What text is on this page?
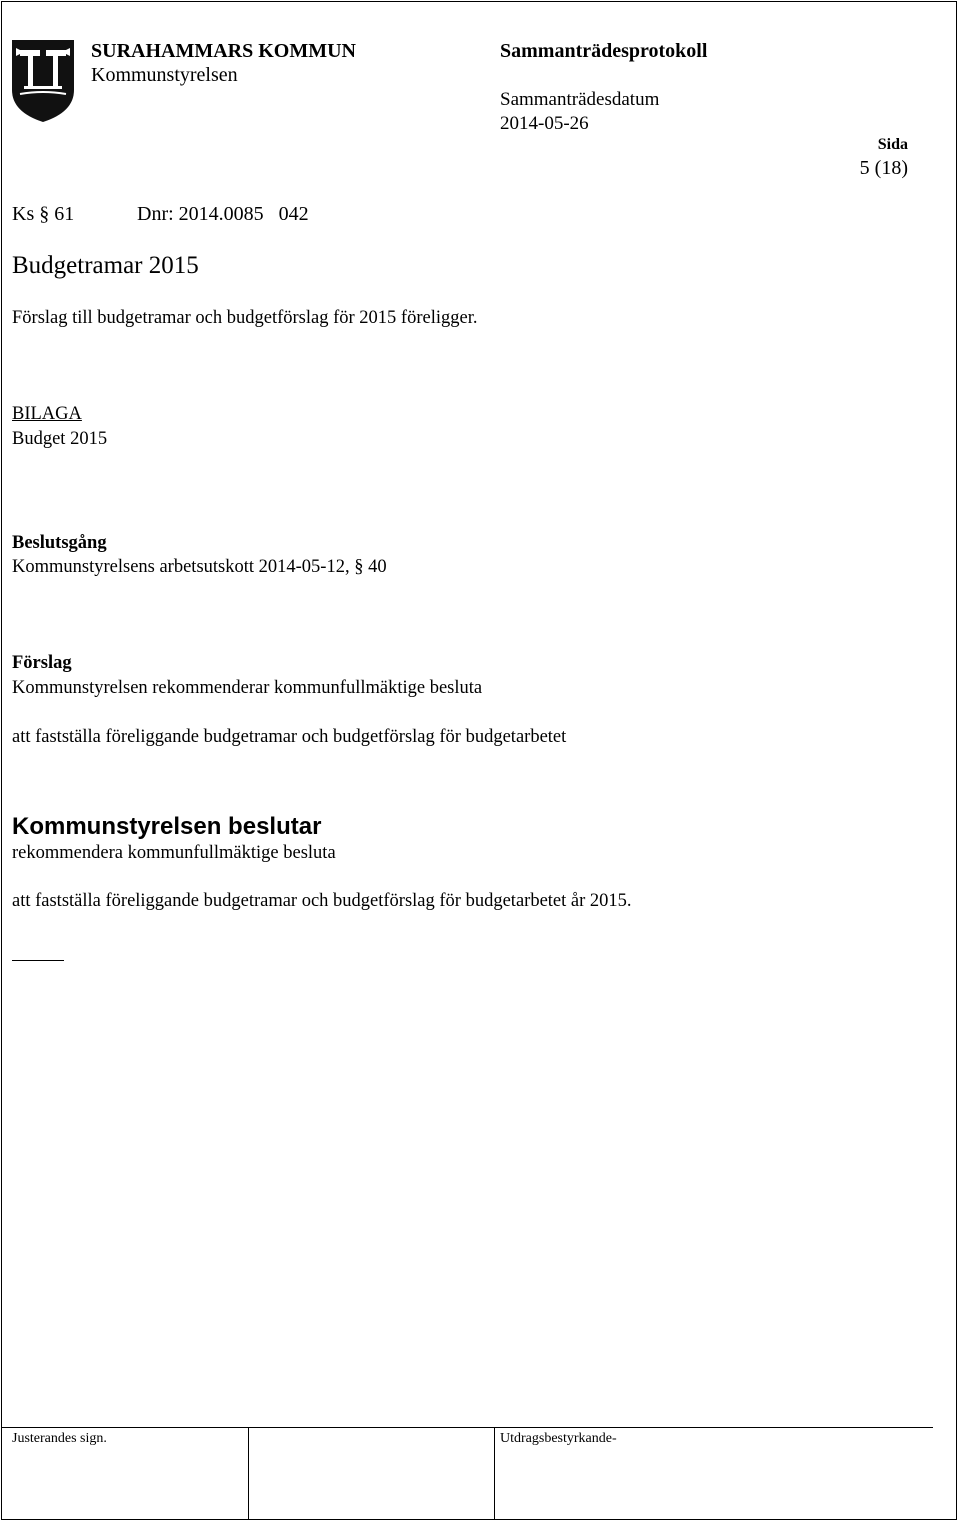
SURAHAMMARS KOMMUN
Kommunstyrelsen
Sammanträdesprotokoll
Sammanträdesdatum
2014-05-26
Sida
5 (18)
Ks § 61	Dnr: 2014.0085   042
Budgetramar 2015
Förslag till budgetramar och budgetförslag för 2015 föreligger.
BILAGA
Budget 2015
Beslutsgång
Kommunstyrelsens arbetsutskott 2014-05-12, § 40
Förslag
Kommunstyrelsen rekommenderar kommunfullmäktige besluta
att fastställa föreliggande budgetramar och budgetförslag för budgetarbetet
Kommunstyrelsen beslutar
rekommendera kommunfullmäktige besluta
att fastställa föreliggande budgetramar och budgetförslag för budgetarbetet år 2015.
Justerandes sign.	Utdragsbestyrkande-
